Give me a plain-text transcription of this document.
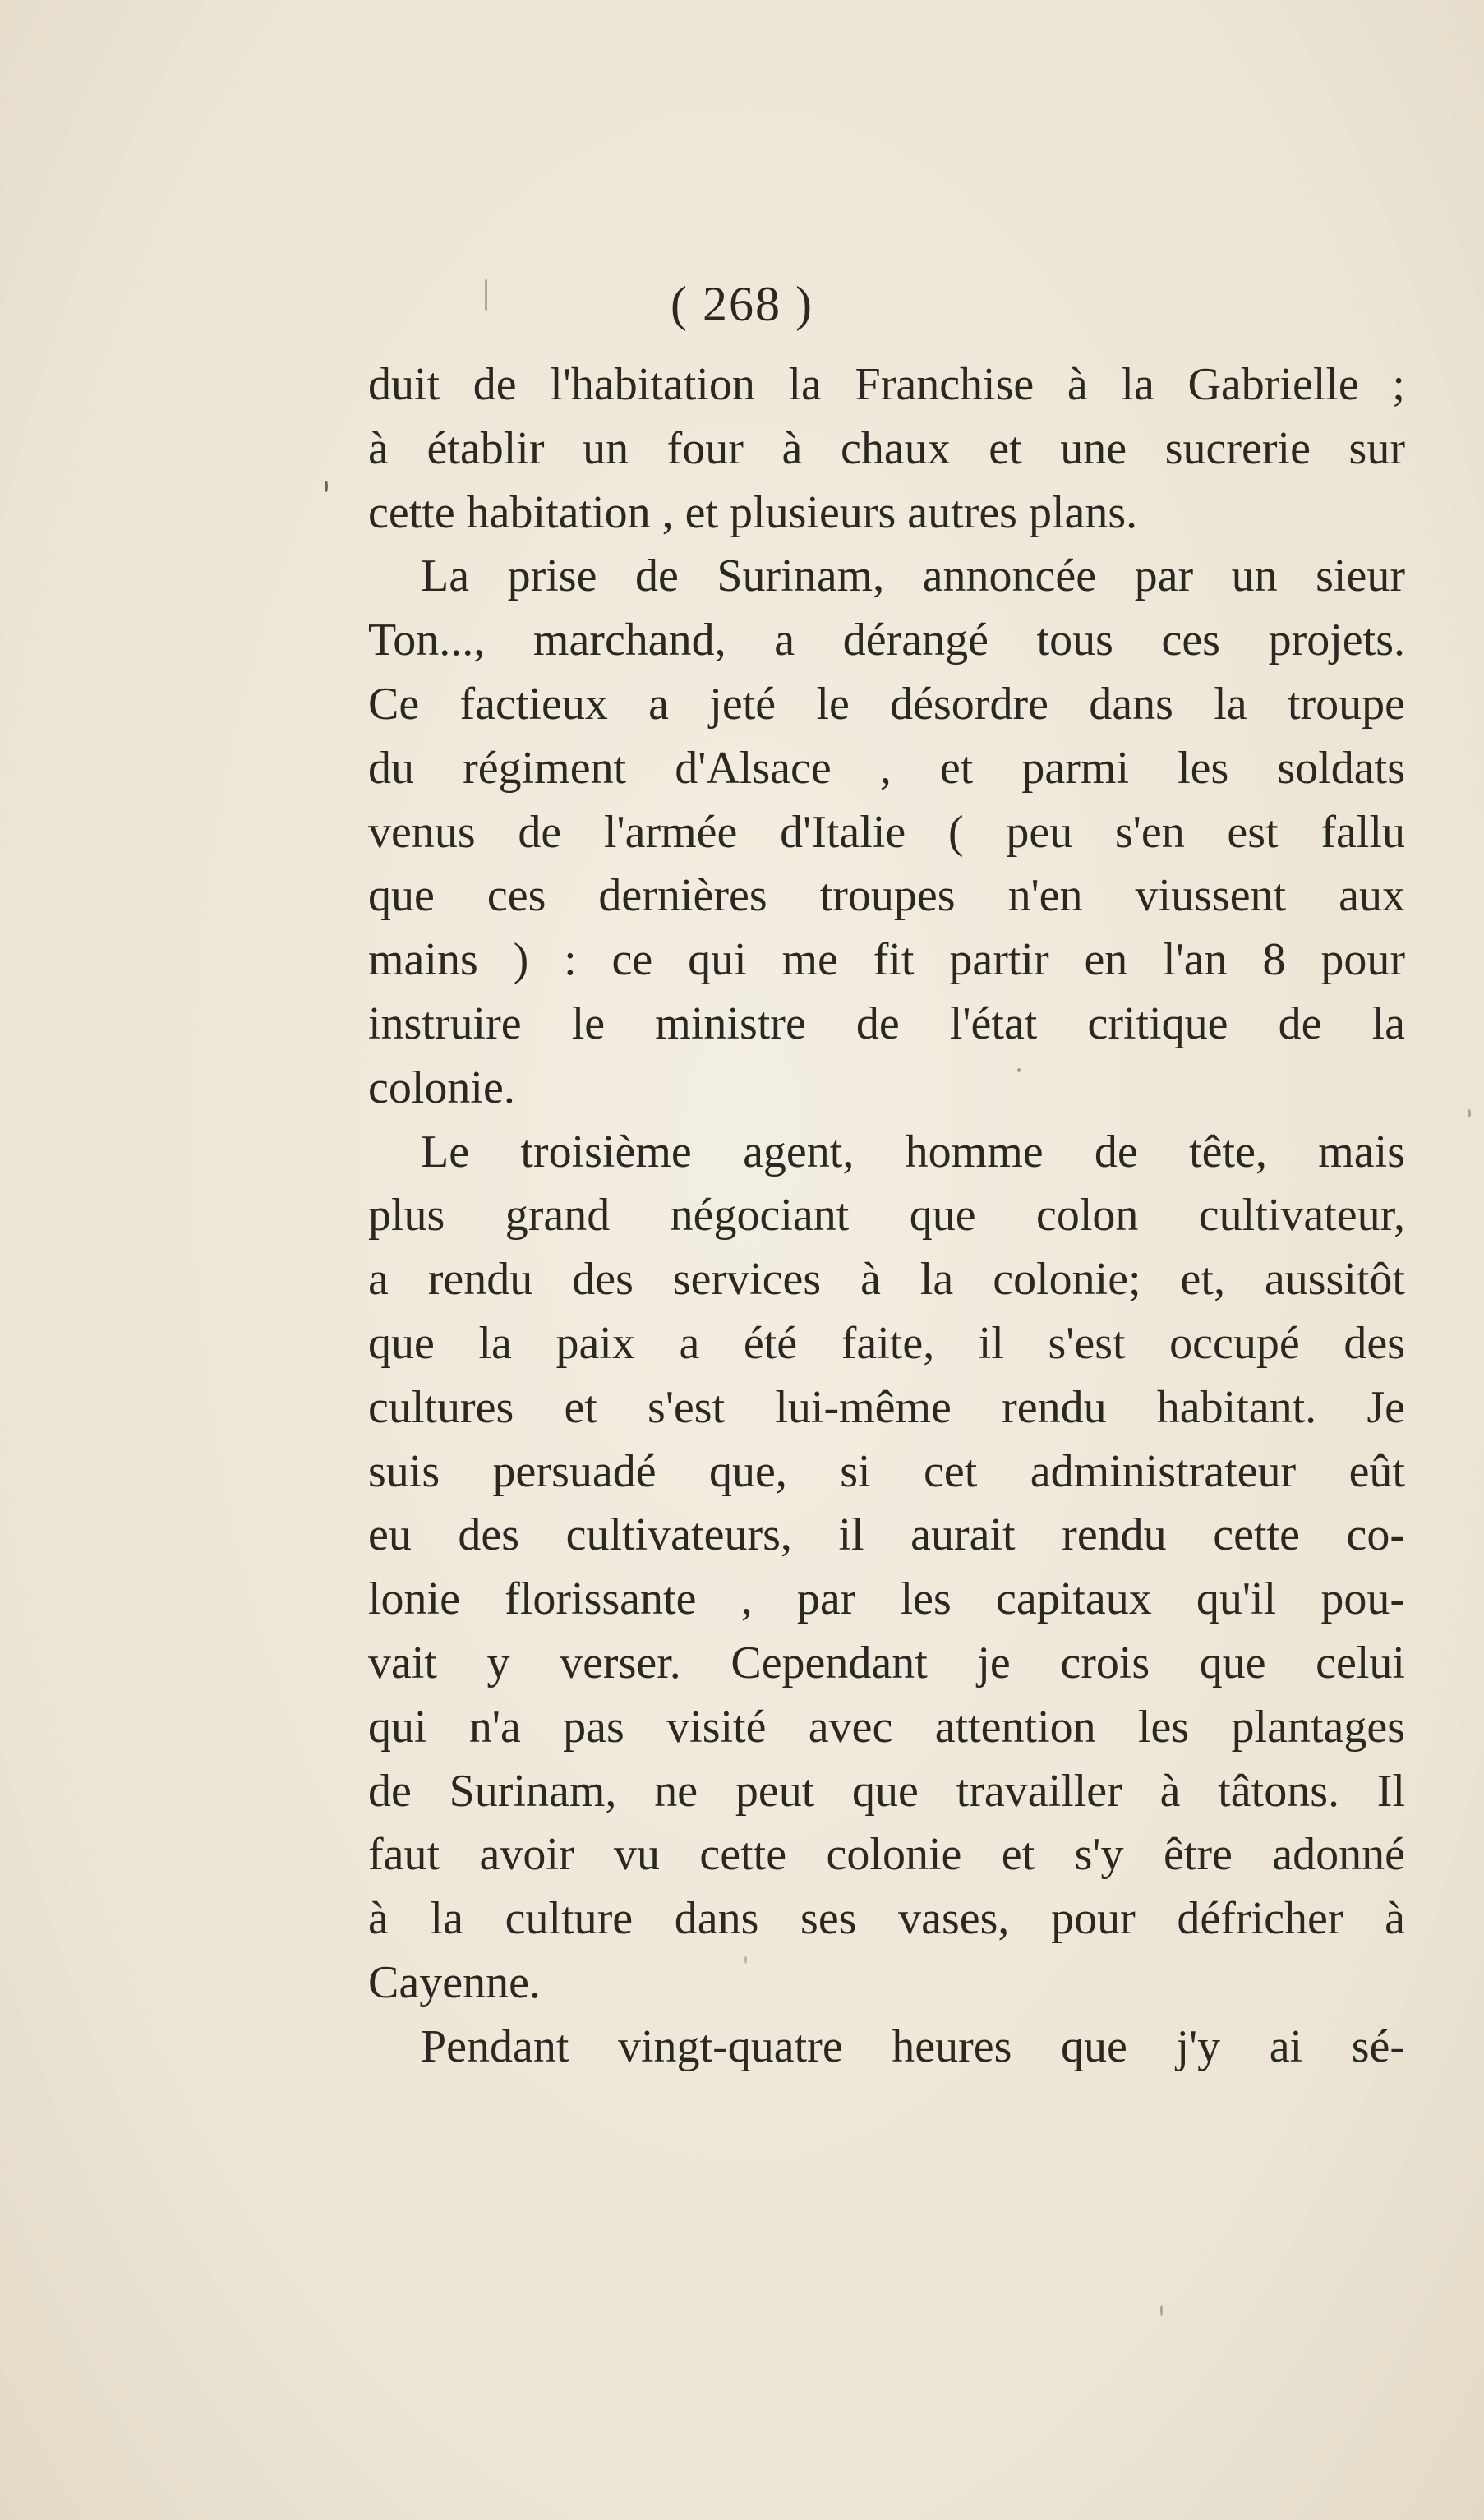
( 268 )

duit de l'habitation la Franchise à la Gabrielle ;
à établir un four à chaux et une sucrerie sur
cette habitation , et plusieurs autres plans.
La prise de Surinam, annoncée par un sieur
Ton..., marchand, a dérangé tous ces projets.
Ce factieux a jeté le désordre dans la troupe
du régiment d'Alsace , et parmi les soldats
venus de l'armée d'Italie ( peu s'en est fallu
que ces dernières troupes n'en viussent aux
mains ) : ce qui me fit partir en l'an 8 pour
instruire le ministre de l'état critique de la
colonie.
Le troisième agent, homme de tête, mais
plus grand négociant que colon cultivateur,
a rendu des services à la colonie; et, aussitôt
que la paix a été faite, il s'est occupé des
cultures et s'est lui-même rendu habitant. Je
suis persuadé que, si cet administrateur eût
eu des cultivateurs, il aurait rendu cette co-
lonie florissante , par les capitaux qu'il pou-
vait y verser. Cependant je crois que celui
qui n'a pas visité avec attention les plantages
de Surinam, ne peut que travailler à tâtons. Il
faut avoir vu cette colonie et s'y être adonné
à la culture dans ses vases, pour défricher à
Cayenne.
Pendant vingt-quatre heures que j'y ai sé-
